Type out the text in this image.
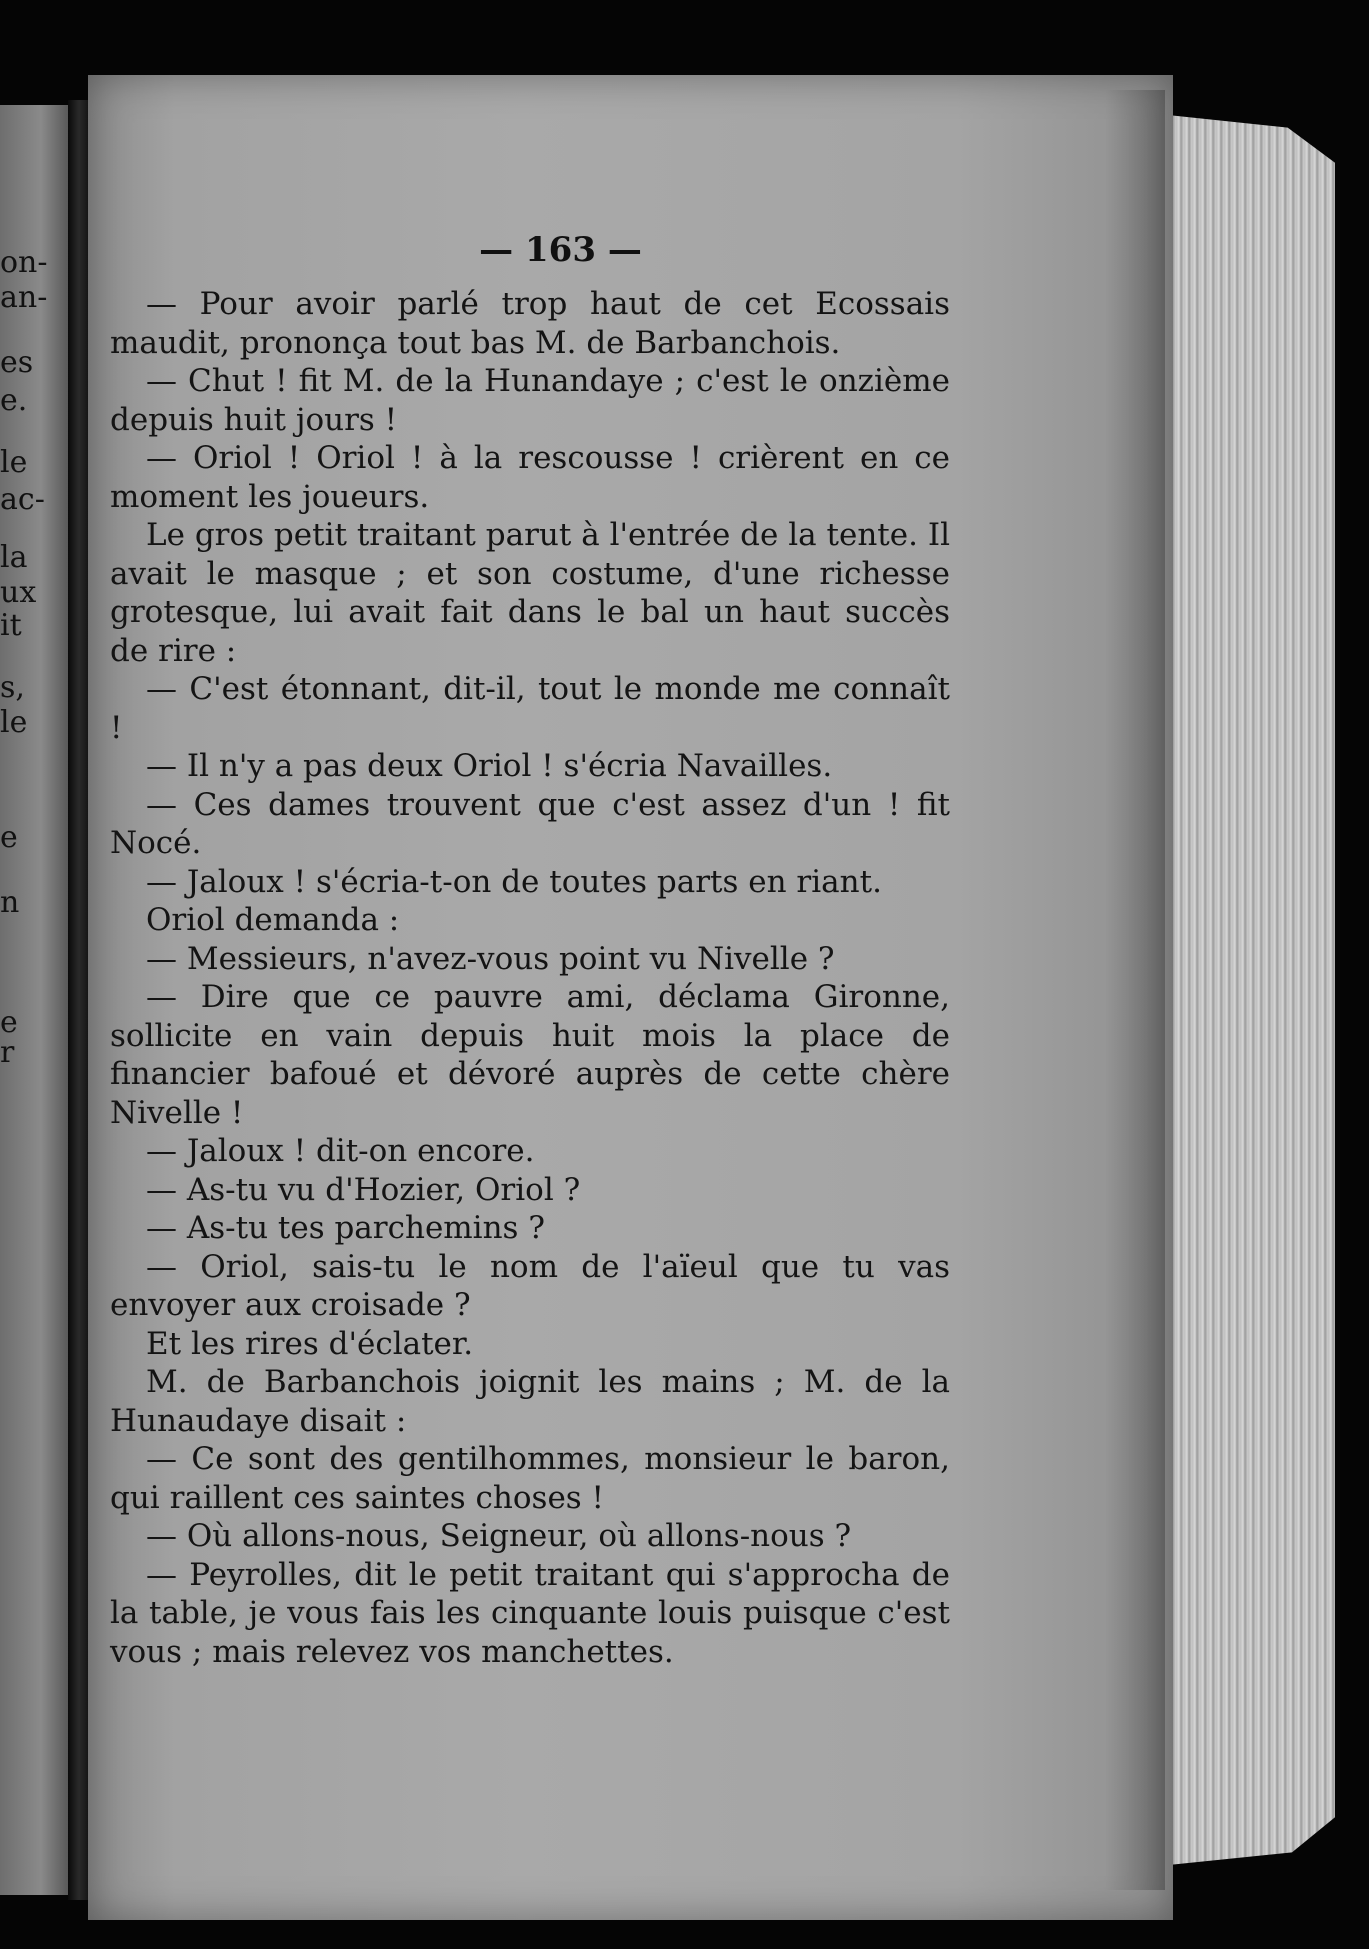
on-
an-
es
e.
le
ac-
la
ux
it
s,
le
e
n
e
r
— 163 —

— Pour avoir parlé trop haut de cet Ecossais maudit, prononça tout bas M. de Barbanchois.

— Chut ! fit M. de la Hunandaye ; c'est le onzième depuis huit jours !

— Oriol ! Oriol ! à la rescousse ! crièrent en ce moment les joueurs.

Le gros petit traitant parut à l'entrée de la tente. Il avait le masque ; et son costume, d'une richesse grotesque, lui avait fait dans le bal un haut succès de rire :

— C'est étonnant, dit-il, tout le monde me connaît !

— Il n'y a pas deux Oriol ! s'écria Navailles.

— Ces dames trouvent que c'est assez d'un ! fit Nocé.

— Jaloux ! s'écria-t-on de toutes parts en riant.

Oriol demanda :

— Messieurs, n'avez-vous point vu Nivelle ?

— Dire que ce pauvre ami, déclama Gironne, sollicite en vain depuis huit mois la place de financier bafoué et dévoré auprès de cette chère Nivelle !

— Jaloux ! dit-on encore.

— As-tu vu d'Hozier, Oriol ?

— As-tu tes parchemins ?

— Oriol, sais-tu le nom de l'aïeul que tu vas envoyer aux croisade ?

Et les rires d'éclater.

M. de Barbanchois joignit les mains ; M. de la Hunaudaye disait :

— Ce sont des gentilhommes, monsieur le baron, qui raillent ces saintes choses !

— Où allons-nous, Seigneur, où allons-nous ?

— Peyrolles, dit le petit traitant qui s'approcha de la table, je vous fais les cinquante louis puisque c'est vous ; mais relevez vos manchettes.
